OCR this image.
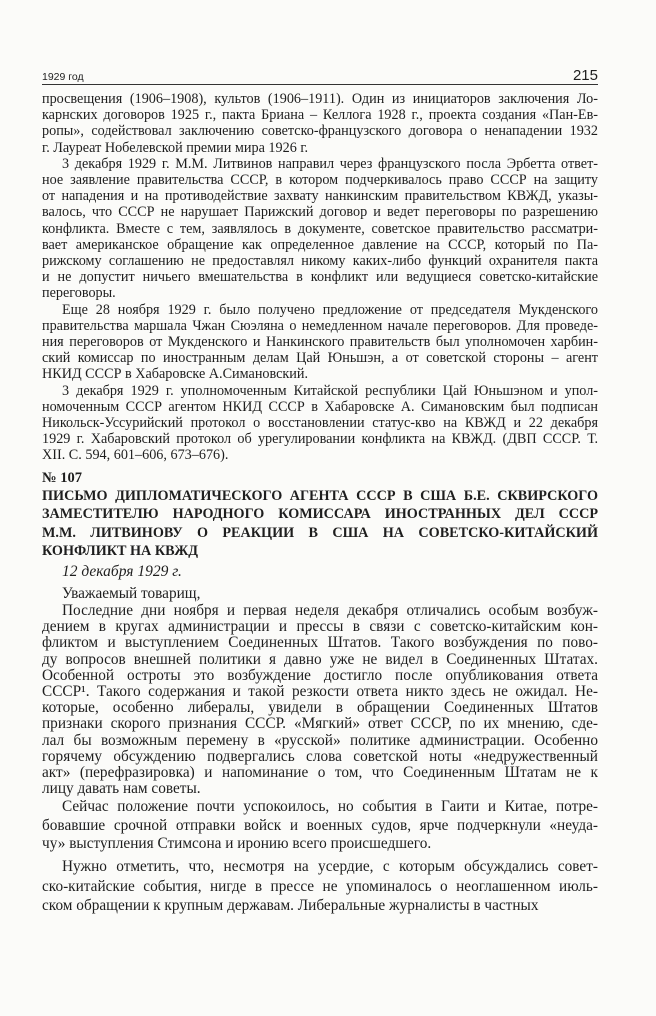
1929 год	215
просвещения (1906–1908), культов (1906–1911). Один из инициаторов заключения Ло-
карнских договоров 1925 г., пакта Бриана – Келлога 1928 г., проекта создания «Пан-Ев-
ропы», содействовал заключению советско-французского договора о ненападении 1932
г. Лауреат Нобелевской премии мира 1926 г.
3 декабря 1929 г. М.М. Литвинов направил через французского посла Эрбетта ответ-
ное заявление правительства СССР, в котором подчеркивалось право СССР на защиту
от нападения и на противодействие захвату нанкинским правительством КВЖД, указы-
валось, что СССР не нарушает Парижский договор и ведет переговоры по разрешению
конфликта. Вместе с тем, заявлялось в документе, советское правительство рассматри-
вает американское обращение как определенное давление на СССР, который по Па-
рижскому соглашению не предоставлял никому каких-либо функций охранителя пакта
и не допустит ничьего вмешательства в конфликт или ведущиеся советско-китайские
переговоры.
Еще 28 ноября 1929 г. было получено предложение от председателя Мукденского
правительства маршала Чжан Сюэляна о немедленном начале переговоров. Для проведе-
ния переговоров от Мукденского и Нанкинского правительств был уполномочен харбин-
ский комиссар по иностранным делам Цай Юньшэн, а от советской стороны – агент
НКИД СССР в Хабаровске А.Симановский.
3 декабря 1929 г. уполномоченным Китайской республики Цай Юньшэном и упол-
номоченным СССР агентом НКИД СССР в Хабаровске А. Симановским был подписан
Никольск-Уссурийский протокол о восстановлении статус-кво на КВЖД и 22 декабря
1929 г. Хабаровский протокол об урегулировании конфликта на КВЖД. (ДВП СССР. Т.
XII. С. 594, 601–606, 673–676).
№ 107
ПИСЬМО ДИПЛОМАТИЧЕСКОГО АГЕНТА СССР В США Б.Е. СКВИРСКОГО
ЗАМЕСТИТЕЛЮ НАРОДНОГО КОМИССАРА ИНОСТРАННЫХ ДЕЛ СССР
М.М. ЛИТВИНОВУ О РЕАКЦИИ В США НА СОВЕТСКО-КИТАЙСКИЙ
КОНФЛИКТ НА КВЖД
12 декабря 1929 г.
Уважаемый товарищ,
Последние дни ноября и первая неделя декабря отличались особым возбуж-
дением в кругах администрации и прессы в связи с советско-китайским кон-
фликтом и выступлением Соединенных Штатов. Такого возбуждения по пово-
ду вопросов внешней политики я давно уже не видел в Соединенных Штатах.
Особенной остроты это возбуждение достигло после опубликования ответа
СССР¹. Такого содержания и такой резкости ответа никто здесь не ожидал. Не-
которые, особенно либералы, увидели в обращении Соединенных Штатов
признаки скорого признания СССР. «Мягкий» ответ СССР, по их мнению, сде-
лал бы возможным перемену в «русской» политике администрации. Особенно
горячему обсуждению подвергались слова советской ноты «недружественный
акт» (перефразировка) и напоминание о том, что Соединенным Штатам не к
лицу давать нам советы.
Сейчас положение почти успокоилось, но события в Гаити и Китае, потре-
бовавшие срочной отправки войск и военных судов, ярче подчеркнули «неуда-
чу» выступления Стимсона и иронию всего происшедшего.
Нужно отметить, что, несмотря на усердие, с которым обсуждались совет-
ско-китайские события, нигде в прессе не упоминалось о неоглашенном июль-
ском обращении к крупным державам. Либеральные журналисты в частных
